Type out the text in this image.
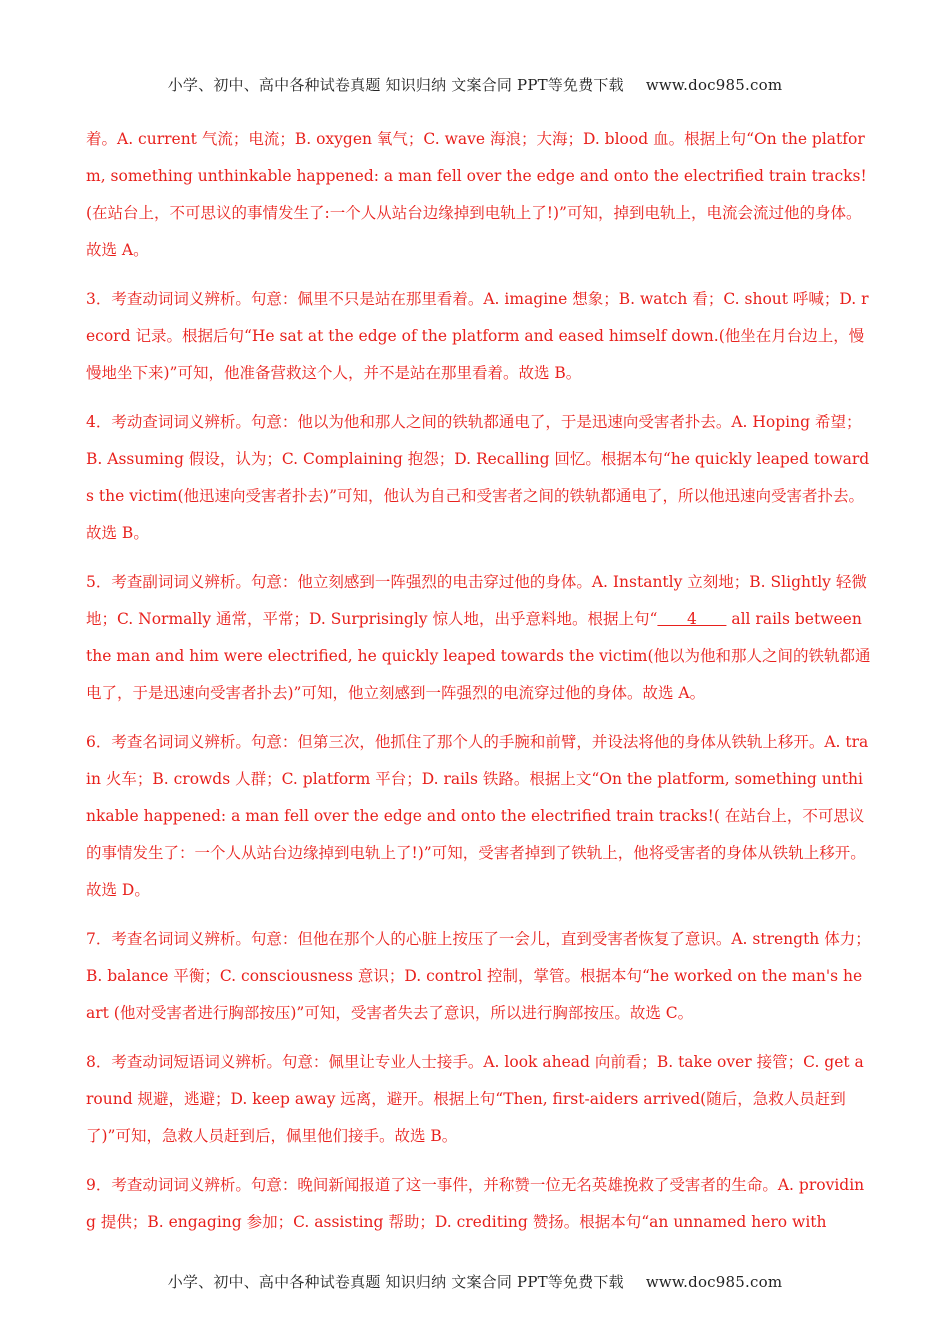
小学、初中、高中各种试卷真题 知识归纳 文案合同 PPT等免费下载 www.doc985.com

着。A. current 气流；电流；B. oxygen 氧气；C. wave 海浪；大海；D. blood 血。根据上句“On the platform, something unthinkable happened: a man fell over the edge and onto the electrified train tracks! (在站台上，不可思议的事情发生了:一个人从站台边缘掉到电轨上了!)”可知，掉到电轨上，电流会流过他的身体。故选 A。

3．考查动词词义辨析。句意：佩里不只是站在那里看着。A. imagine 想象；B. watch 看；C. shout 呼喊；D. record 记录。根据后句“He sat at the edge of the platform and eased himself down.(他坐在月台边上，慢慢地坐下来)”可知，他准备营救这个人，并不是站在那里看着。故选 B。

4．考动查词词义辨析。句意：他以为他和那人之间的铁轨都通电了，于是迅速向受害者扑去。A. Hoping 希望；B. Assuming 假设，认为；C. Complaining 抱怨；D. Recalling 回忆。根据本句“he quickly leaped towards the victim(他迅速向受害者扑去)”可知，他认为自己和受害者之间的铁轨都通电了，所以他迅速向受害者扑去。故选 B。

5．考查副词词义辨析。句意：他立刻感到一阵强烈的电击穿过他的身体。A. Instantly 立刻地；B. Slightly 轻微地；C. Normally 通常，平常；D. Surprisingly 惊人地，出乎意料地。根据上句“      4       all rails between the man and him were electrified, he quickly leaped towards the victim(他以为他和那人之间的铁轨都通电了，于是迅速向受害者扑去)”可知，他立刻感到一阵强烈的电流穿过他的身体。故选 A。

6．考查名词词义辨析。句意：但第三次，他抓住了那个人的手腕和前臂，并设法将他的身体从铁轨上移开。A. train 火车；B. crowds 人群；C. platform 平台；D. rails 铁路。根据上文“On the platform, something unthinkable happened: a man fell over the edge and onto the electrified train tracks!( 在站台上，不可思议的事情发生了：一个人从站台边缘掉到电轨上了!)”可知，受害者掉到了铁轨上，他将受害者的身体从铁轨上移开。故选 D。

7．考查名词词义辨析。句意：但他在那个人的心脏上按压了一会儿，直到受害者恢复了意识。A. strength 体力；B. balance 平衡；C. consciousness 意识；D. control 控制，掌管。根据本句“he worked on the man's heart (他对受害者进行胸部按压)”可知，受害者失去了意识，所以进行胸部按压。故选 C。

8．考查动词短语词义辨析。句意：佩里让专业人士接手。A. look ahead 向前看；B. take over 接管；C. get around 规避，逃避；D. keep away 远离，避开。根据上句“Then, first-aiders arrived(随后，急救人员赶到了)”可知，急救人员赶到后，佩里他们接手。故选 B。

9．考查动词词义辨析。句意：晚间新闻报道了这一事件，并称赞一位无名英雄挽救了受害者的生命。A. providing 提供；B. engaging 参加；C. assisting 帮助；D. crediting 赞扬。根据本句“an unnamed hero with

小学、初中、高中各种试卷真题 知识归纳 文案合同 PPT等免费下载 www.doc985.com
